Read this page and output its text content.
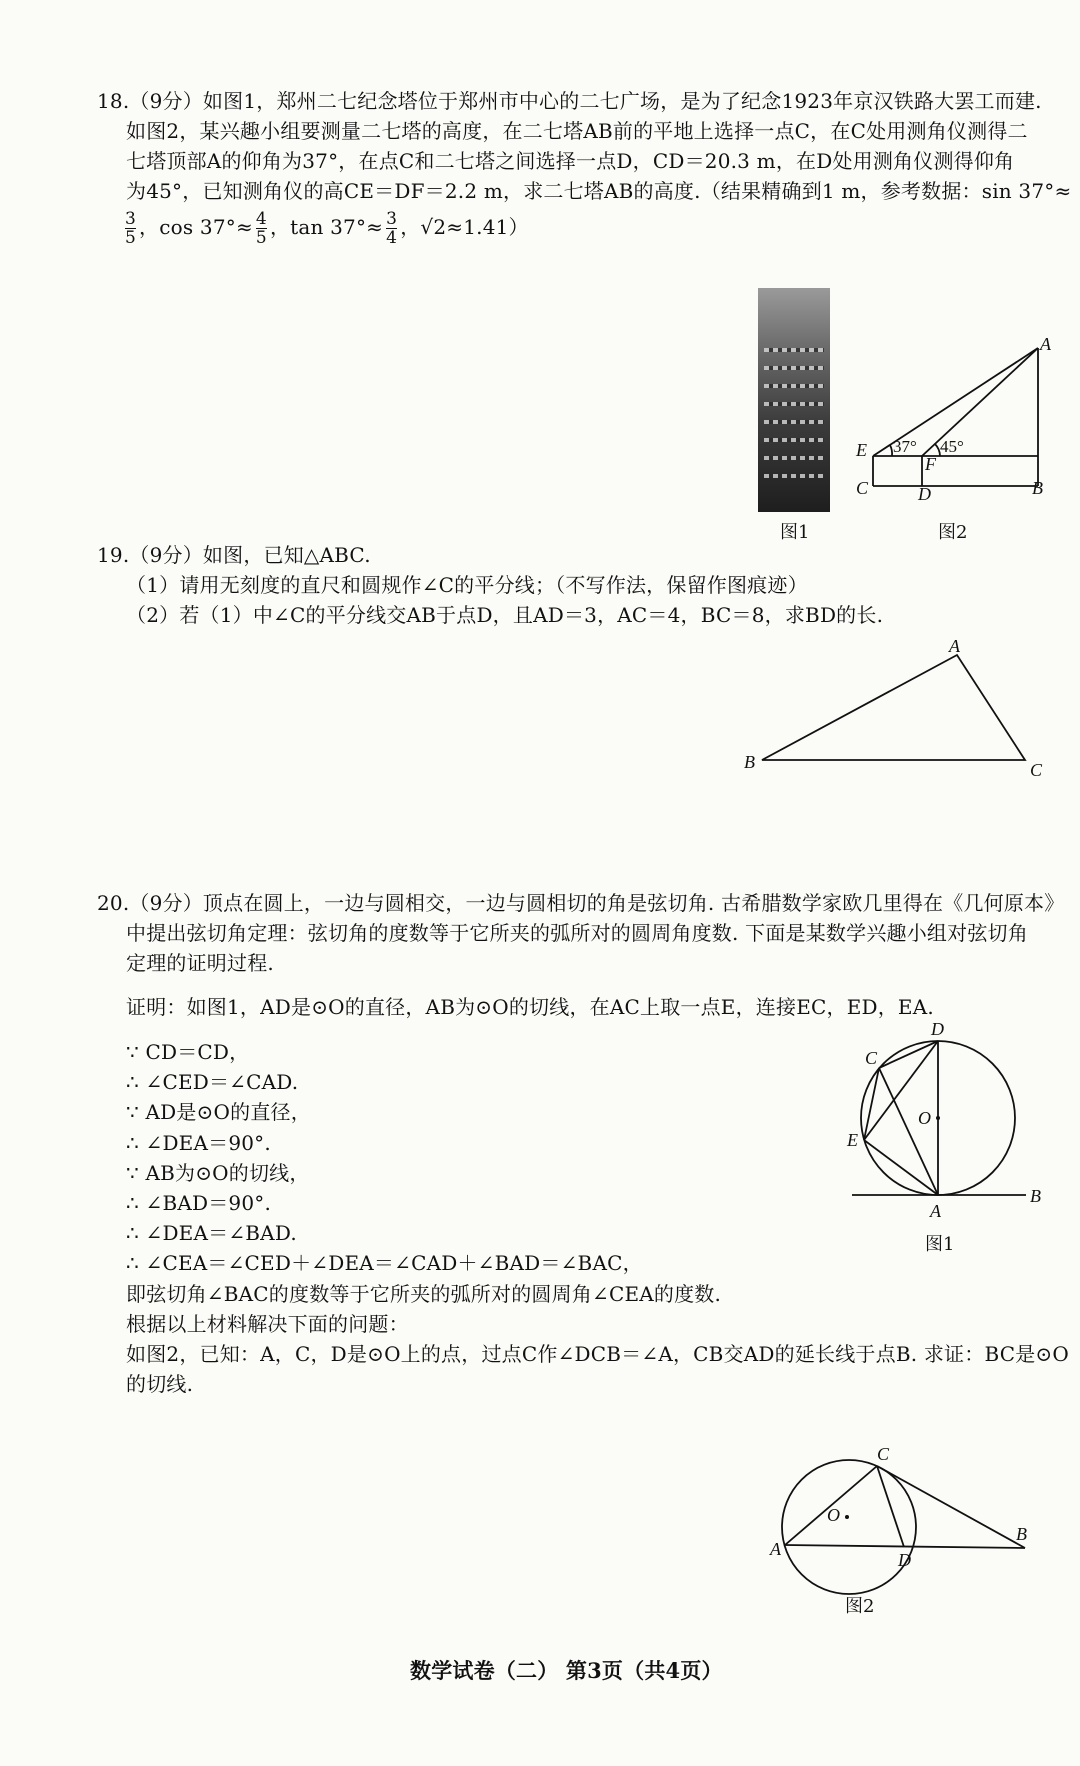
18.（9分）如图1，郑州二七纪念塔位于郑州市中心的二七广场，是为了纪念1923年京汉铁路大罢工而建.
如图2，某兴趣小组要测量二七塔的高度，在二七塔AB前的平地上选择一点C，在C处用测角仪测得二
七塔顶部A的仰角为37°，在点C和二七塔之间选择一点D，CD＝20.3 m，在D处用测角仪测得仰角
为45°，已知测角仪的高CE＝DF＝2.2 m，求二七塔AB的高度.（结果精确到1 m，参考数据：sin 37°≈
$\frac{3}{5}$ ，$\cos 37^\circ\approx \frac{4}{5}$ ，$\tan 37^\circ\approx \frac{3}{4}$ ，√2≈1.41）
图1
A
B
C	D
E
F
37° 45°
图2
19.（9分）如图，已知△ABC.
（1）请用无刻度的直尺和圆规作∠C的平分线；（不写作法，保留作图痕迹）
（2）若（1）中∠C的平分线交AB于点D，且AD＝3，AC＝4，BC＝8，求BD的长.
A
B	C
20.（9分）顶点在圆上，一边与圆相交，一边与圆相切的角是弦切角. 古希腊数学家欧几里得在《几何原本》
中提出弦切角定理：弦切角的度数等于它所夹的弧所对的圆周角度数. 下面是某数学兴趣小组对弦切角
定理的证明过程.
证明：如图1，AD是⊙O的直径，AB为⊙O的切线，在AC上取一点E，连接EC，ED，EA.
∵ CD＝CD，
∴ ∠CED＝∠CAD.
∵ AD是⊙O的直径，
∴ ∠DEA＝90°.
∵ AB为⊙O的切线，
∴ ∠BAD＝90°.
∴ ∠DEA＝∠BAD.
∴ ∠CEA＝∠CED＋∠DEA＝∠CAD＋∠BAD＝∠BAC，
即弦切角∠BAC的度数等于它所夹的弧所对的圆周角∠CEA的度数.
根据以上材料解决下面的问题：
如图2，已知：A，C，D是⊙O上的点，过点C作∠DCB＝∠A，CB交AD的延长线于点B. 求证：BC是⊙O
的切线.
D
C
O
E
A
B
图1
C
O
A
D
B
图2
数学试卷（二） 第3页（共4页）
